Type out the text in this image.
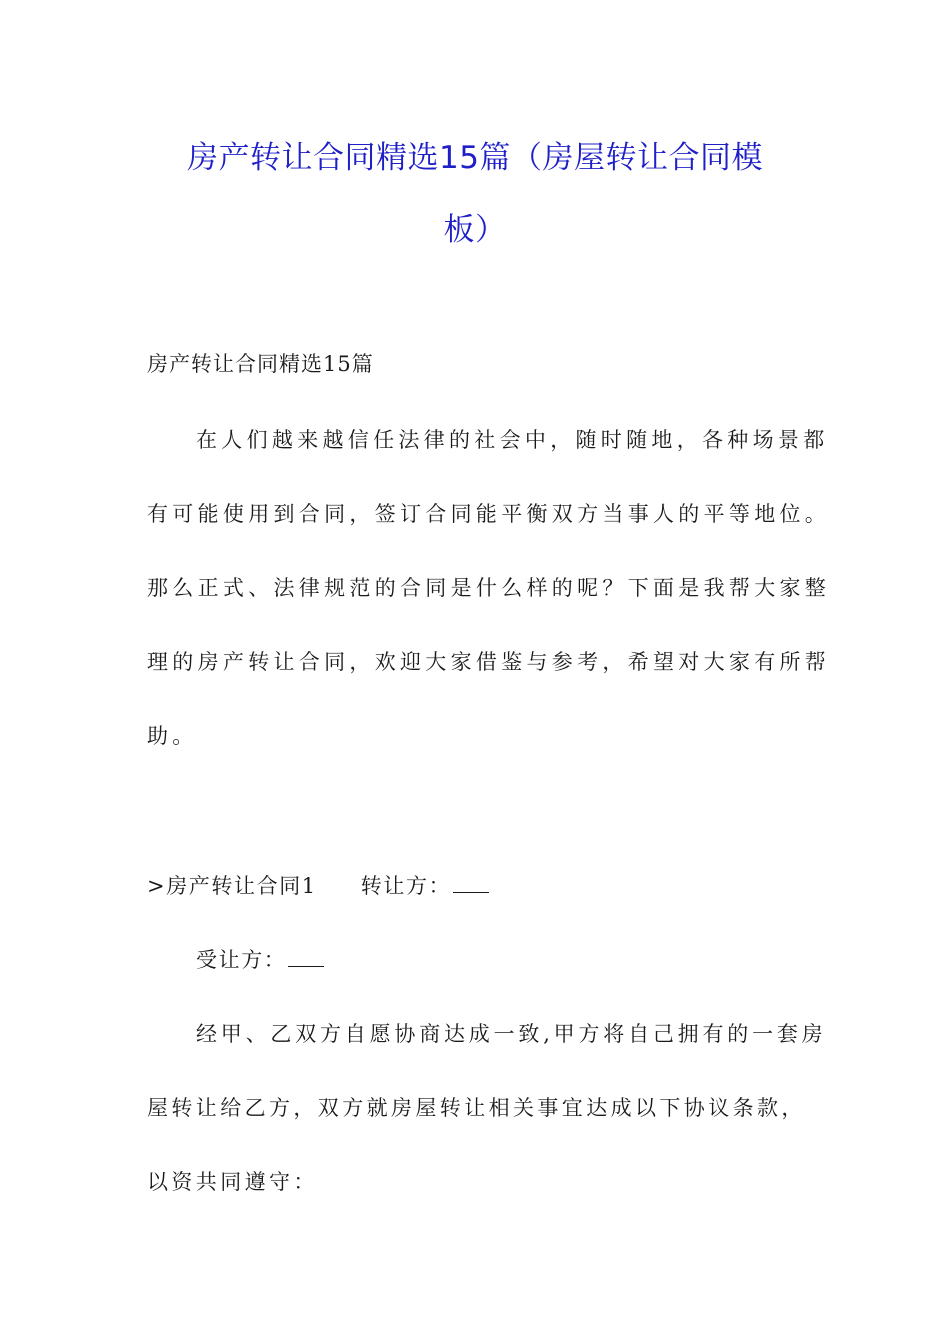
房产转让合同精选15篇（房屋转让合同模
板）
房产转让合同精选15篇
在人们越来越信任法律的社会中，随时随地，各种场景都
有可能使用到合同，签订合同能平衡双方当事人的平等地位。
那么正式、法律规范的合同是什么样的呢？下面是我帮大家整
理的房产转让合同，欢迎大家借鉴与参考，希望对大家有所帮
助。
>房产转让合同1 转让方：
受让方：
经甲、乙双方自愿协商达成一致,甲方将自己拥有的一套房
屋转让给乙方，双方就房屋转让相关事宜达成以下协议条款，
以资共同遵守：
